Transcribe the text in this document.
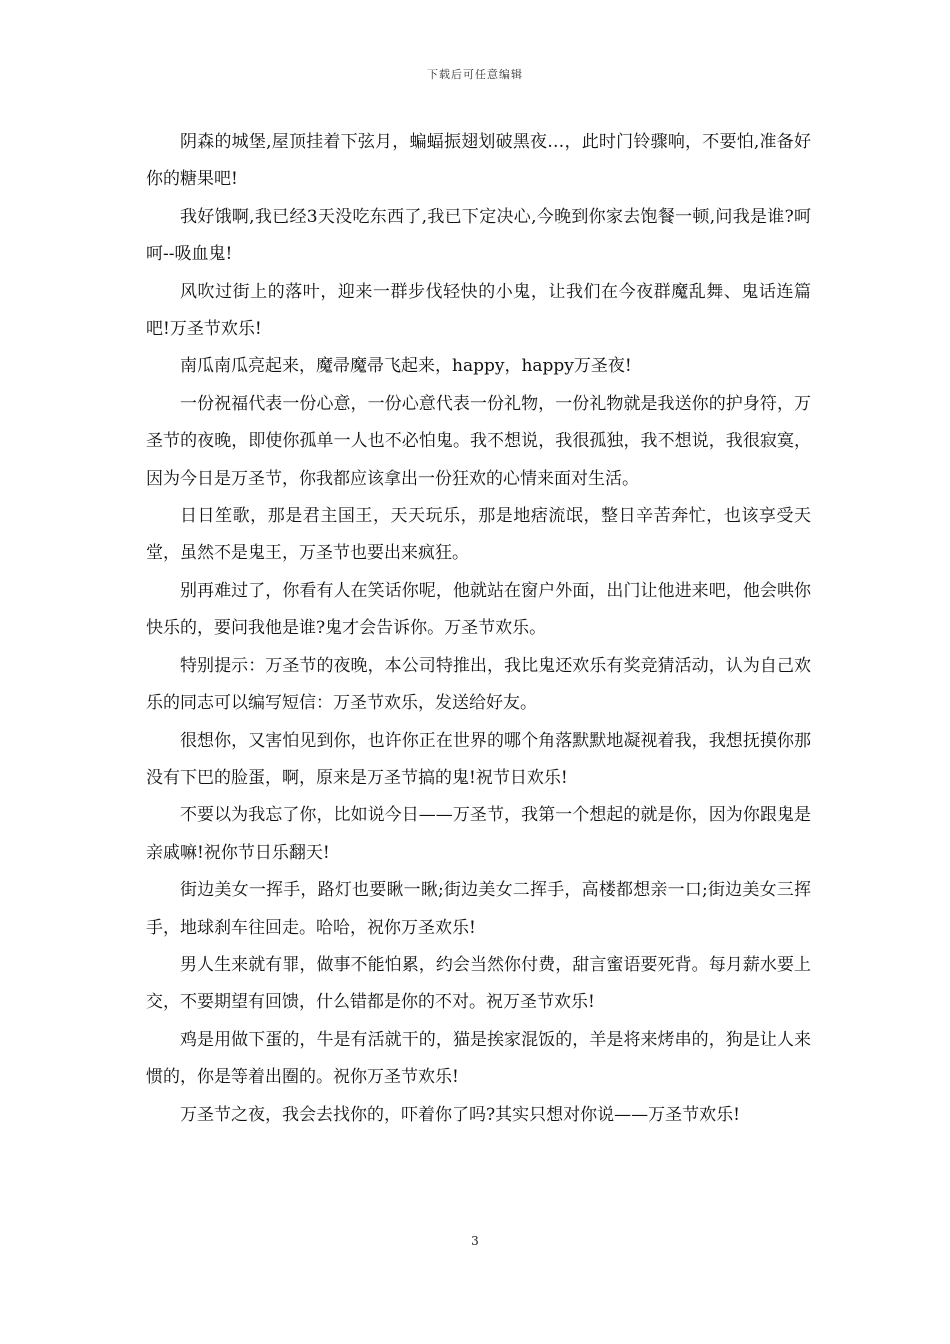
下载后可任意编辑

阴森的城堡,屋顶挂着下弦月，蝙蝠振翅划破黑夜…，此时门铃骤响，不要怕,准备好你的糖果吧!

我好饿啊,我已经3天没吃东西了,我已下定决心,今晚到你家去饱餐一顿,问我是谁?呵呵--吸血鬼!

风吹过街上的落叶，迎来一群步伐轻快的小鬼，让我们在今夜群魔乱舞、鬼话连篇吧!万圣节欢乐!

南瓜南瓜亮起来，魔帚魔帚飞起来，happy，happy万圣夜!

一份祝福代表一份心意，一份心意代表一份礼物，一份礼物就是我送你的护身符，万圣节的夜晚，即使你孤单一人也不必怕鬼。我不想说，我很孤独，我不想说，我很寂寞，因为今日是万圣节，你我都应该拿出一份狂欢的心情来面对生活。

日日笙歌，那是君主国王，天天玩乐，那是地痞流氓，整日辛苦奔忙，也该享受天堂，虽然不是鬼王，万圣节也要出来疯狂。

别再难过了，你看有人在笑话你呢，他就站在窗户外面，出门让他进来吧，他会哄你快乐的，要问我他是谁?鬼才会告诉你。万圣节欢乐。

特别提示：万圣节的夜晚，本公司特推出，我比鬼还欢乐有奖竞猜活动，认为自己欢乐的同志可以编写短信：万圣节欢乐，发送给好友。

很想你，又害怕见到你，也许你正在世界的哪个角落默默地凝视着我，我想抚摸你那没有下巴的脸蛋，啊，原来是万圣节搞的鬼!祝节日欢乐!

不要以为我忘了你，比如说今日——万圣节，我第一个想起的就是你，因为你跟鬼是亲戚嘛!祝你节日乐翻天!

街边美女一挥手，路灯也要瞅一瞅;街边美女二挥手，高楼都想亲一口;街边美女三挥手，地球刹车往回走。哈哈，祝你万圣欢乐!

男人生来就有罪，做事不能怕累，约会当然你付费，甜言蜜语要死背。每月薪水要上交，不要期望有回馈，什么错都是你的不对。祝万圣节欢乐!

鸡是用做下蛋的，牛是有活就干的，猫是挨家混饭的，羊是将来烤串的，狗是让人来惯的，你是等着出圈的。祝你万圣节欢乐!

万圣节之夜，我会去找你的，吓着你了吗?其实只想对你说——万圣节欢乐!

3
